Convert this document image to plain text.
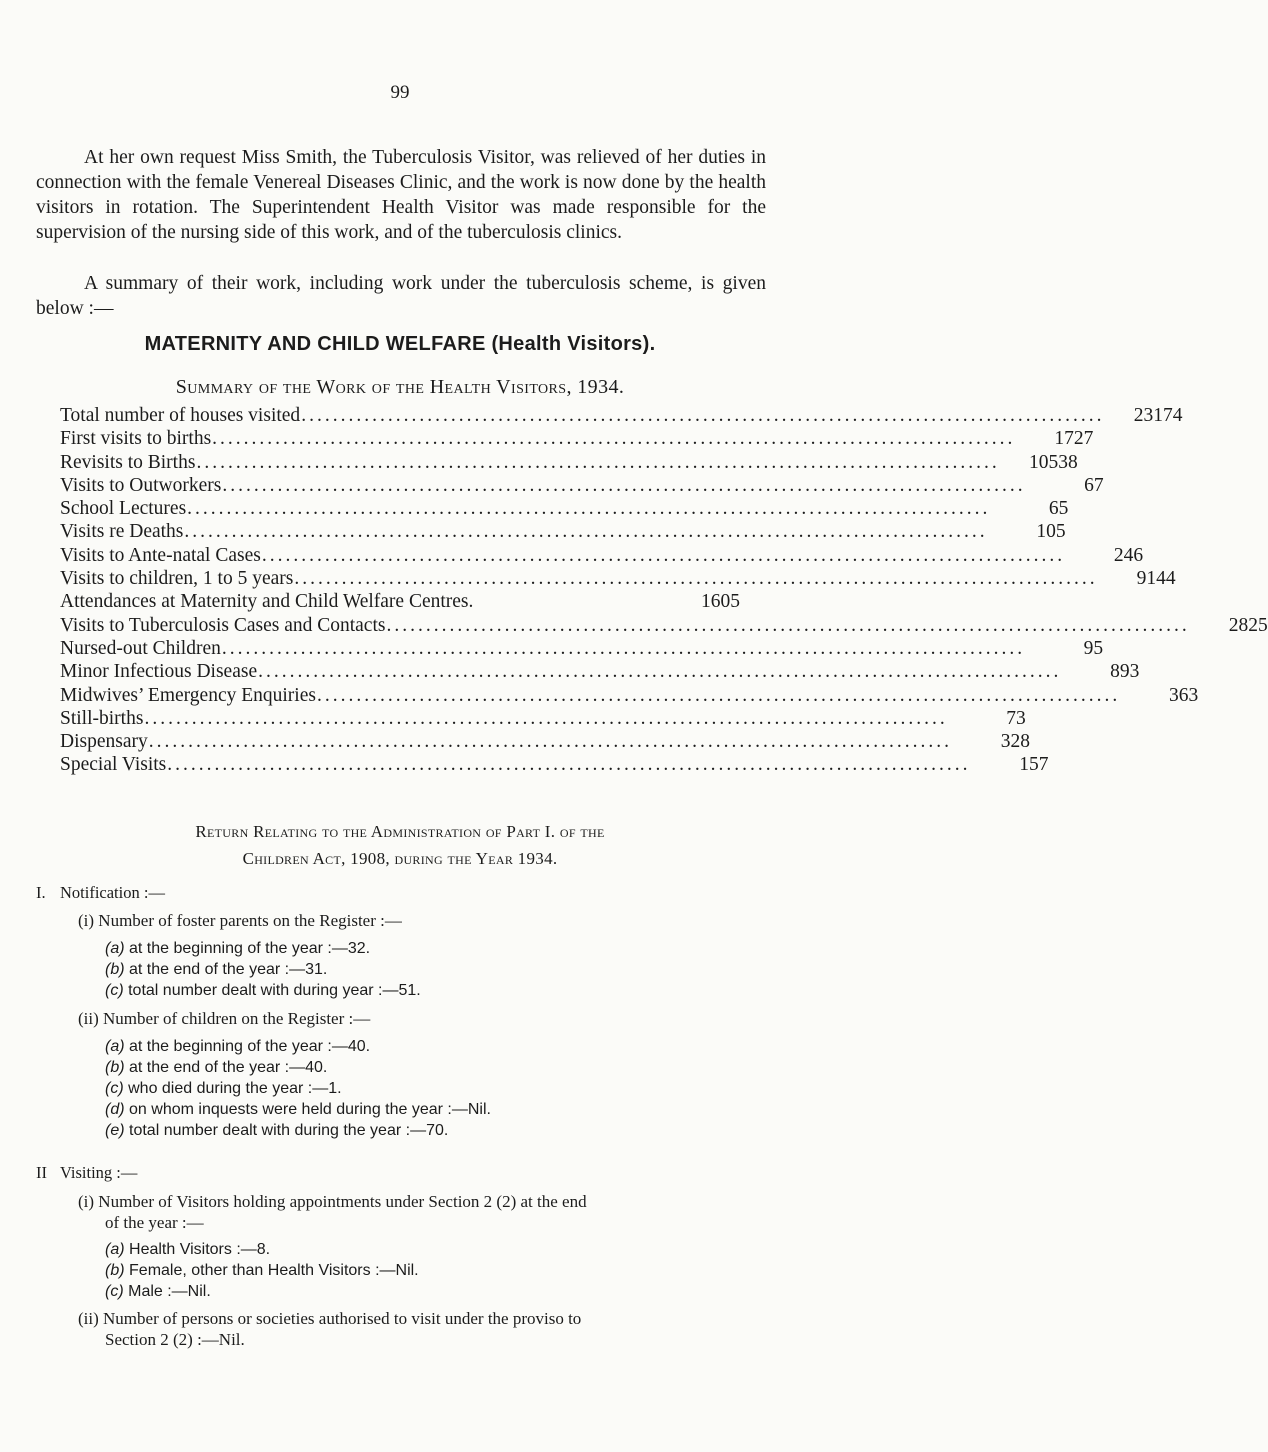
99

At her own request Miss Smith, the Tuberculosis Visitor, was relieved of her duties in connection with the female Venereal Diseases Clinic, and the work is now done by the health visitors in rotation. The Superintendent Health Visitor was made responsible for the supervision of the nursing side of this work, and of the tuberculosis clinics.

A summary of their work, including work under the tuberculosis scheme, is given below :—

MATERNITY AND CHILD WELFARE (Health Visitors).
Summary of the Work of the Health Visitors, 1934.
Total number of houses visited ......................................................................................................	23174
First visits to births ......................................................................................................	1727
Revisits to Births ......................................................................................................	10538
Visits to Outworkers ......................................................................................................	67
School Lectures ......................................................................................................	65
Visits re Deaths ......................................................................................................	105
Visits to Ante-natal Cases ......................................................................................................	246
Visits to children, 1 to 5 years ......................................................................................................	9144
Attendances at Maternity and Child Welfare Centres.	1605
Visits to Tuberculosis Cases and Contacts ......................................................................................................	2825
Nursed-out Children ......................................................................................................	95
Minor Infectious Disease ......................................................................................................	893
Midwives’ Emergency Enquiries ......................................................................................................	363
Still-births ......................................................................................................	73
Dispensary ......................................................................................................	328
Special Visits ......................................................................................................	157
Return Relating to the Administration of Part I. of the
Children Act, 1908, during the Year 1934.
I. Notification :—
(i) Number of foster parents on the Register :—
(a) at the beginning of the year :—32.
(b) at the end of the year :—31.
(c) total number dealt with during year :—51.
(ii) Number of children on the Register :—
(a) at the beginning of the year :—40.
(b) at the end of the year :—40.
(c) who died during the year :—1.
(d) on whom inquests were held during the year :—Nil.
(e) total number dealt with during the year :—70.
II Visiting :—
(i) Number of Visitors holding appointments under Section 2 (2) at the end
of the year :—
(a) Health Visitors :—8.
(b) Female, other than Health Visitors :—Nil.
(c) Male :—Nil.
(ii) Number of persons or societies authorised to visit under the proviso to
Section 2 (2) :—Nil.
